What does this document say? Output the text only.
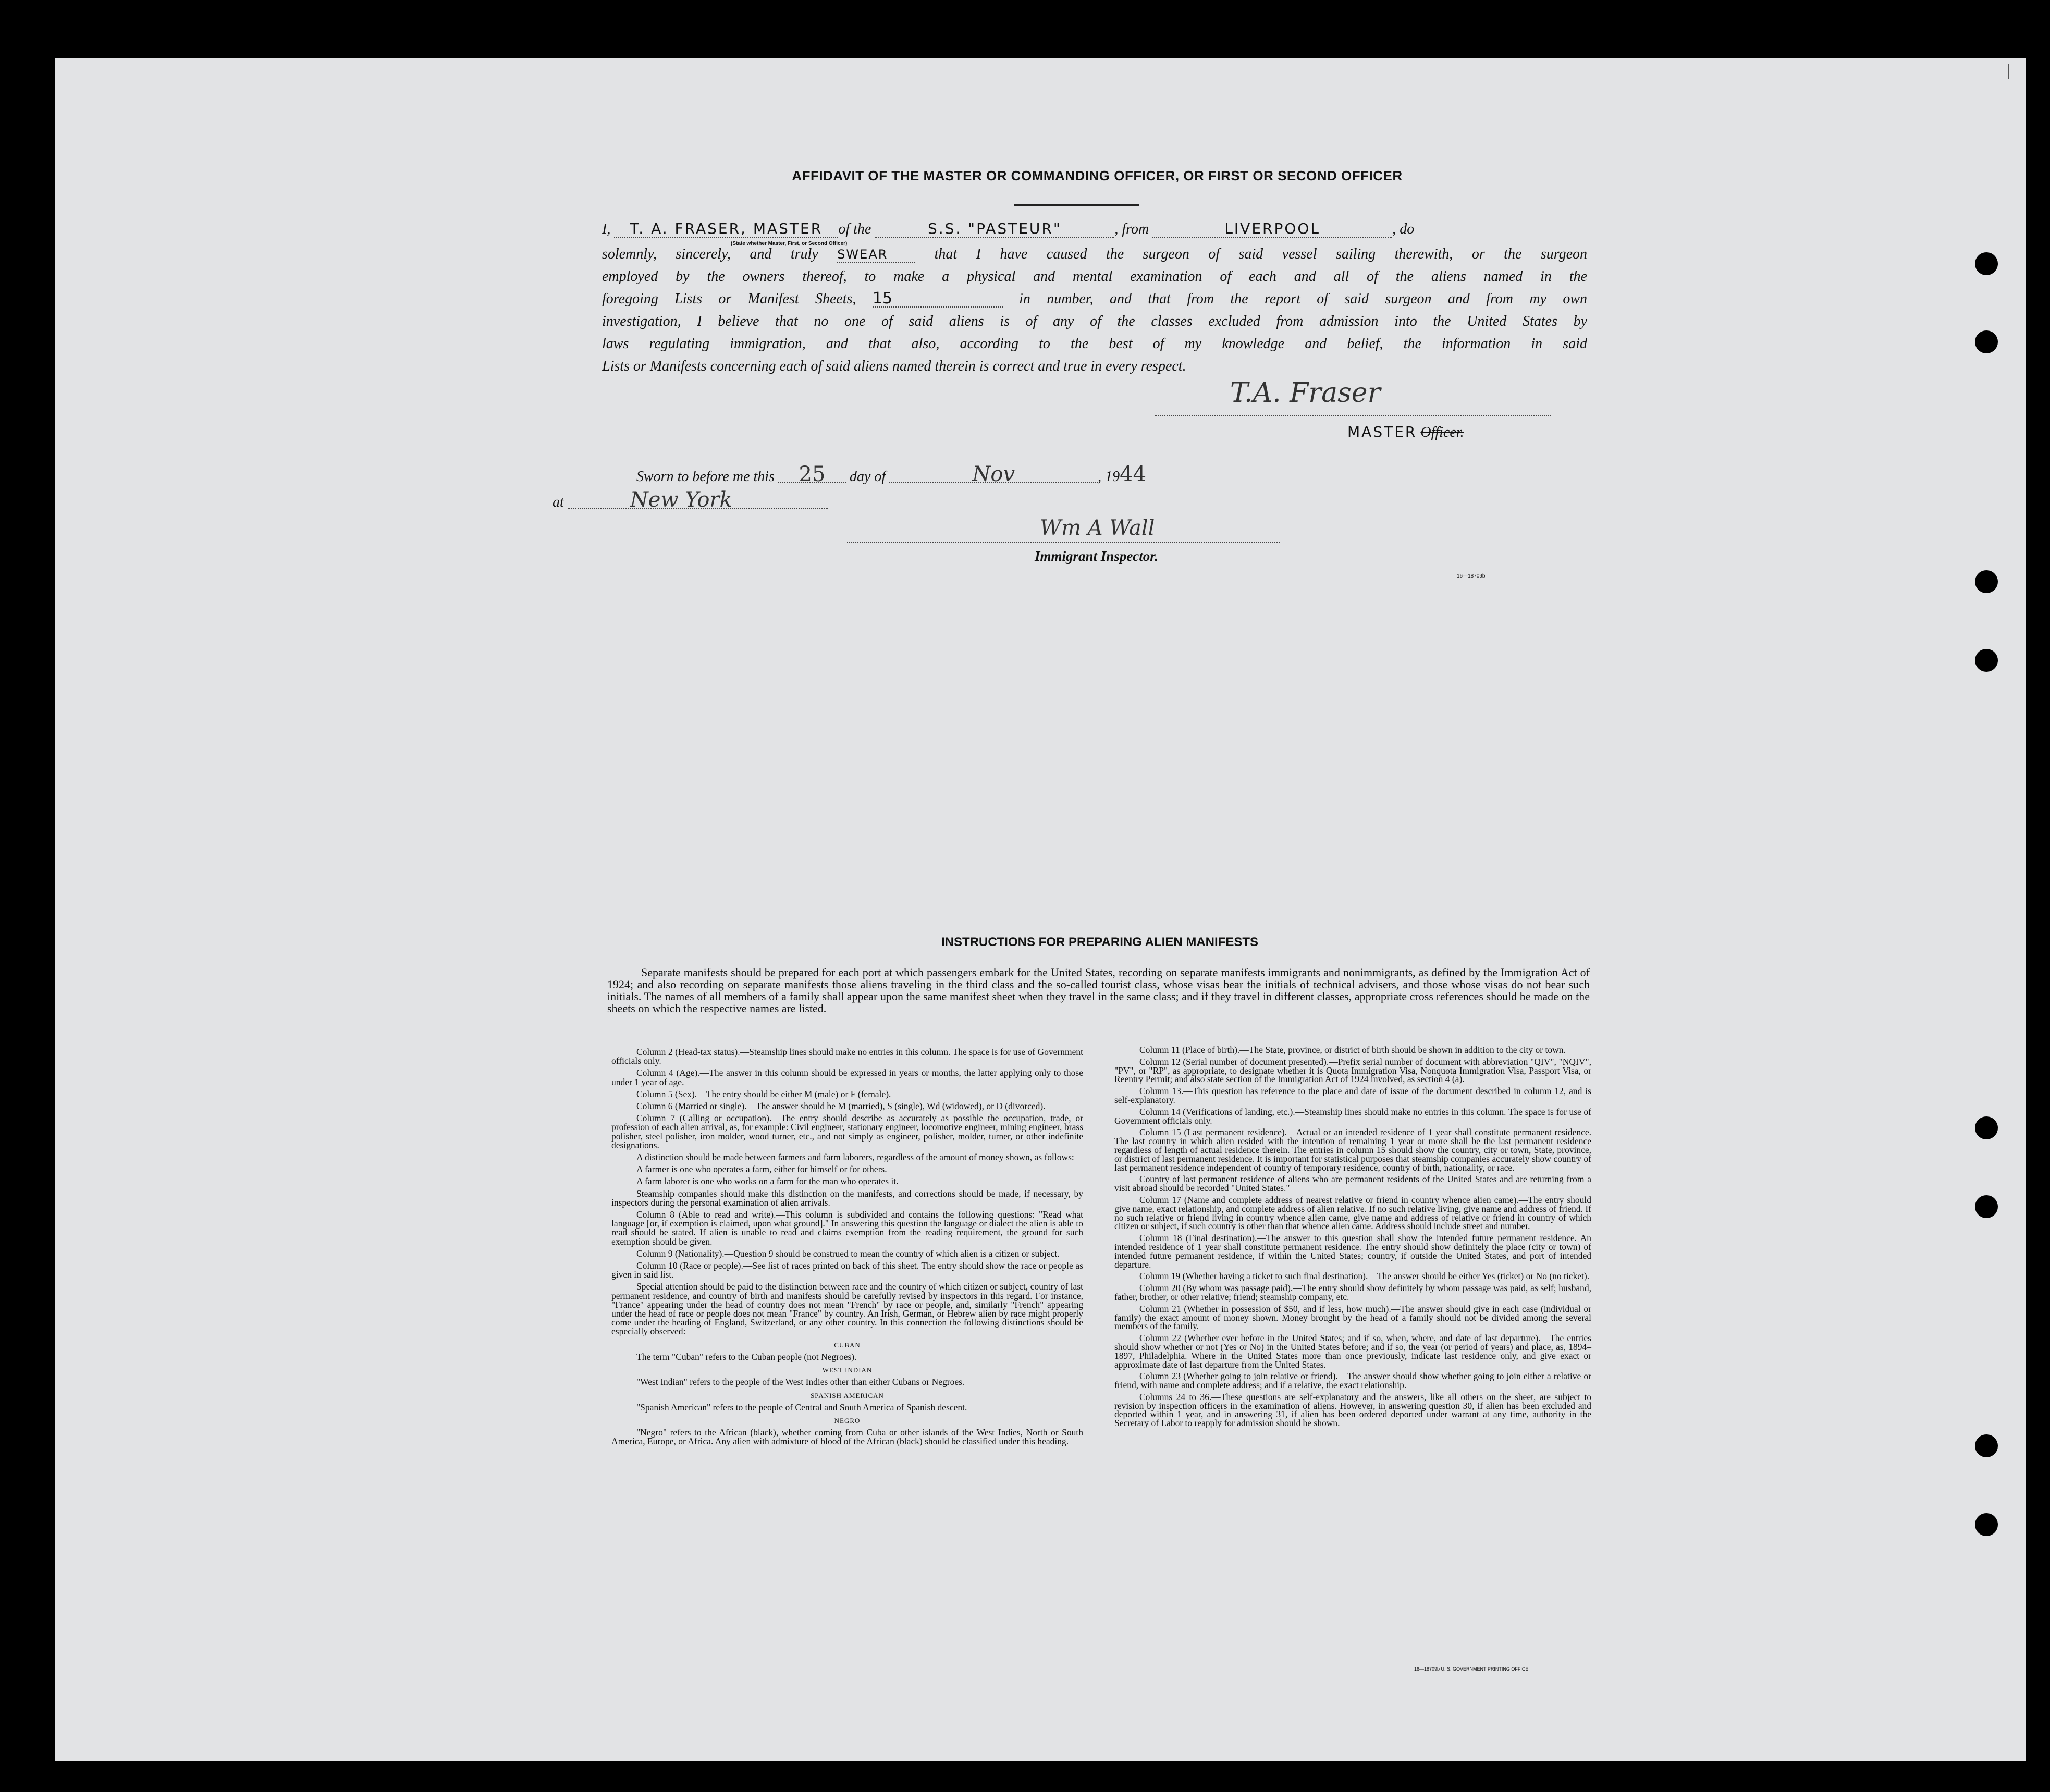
AFFIDAVIT OF THE MASTER OR COMMANDING OFFICER, OR FIRST OR SECOND OFFICER
I, T. A. FRASER, MASTER of the	S.S. "PASTEUR"	, from	LIVERPOOL	, do
(State whether Master, First, or Second Officer)
solemnly, sincerely, and truly SWEAR	that I have caused the surgeon of said vessel sailing therewith, or the surgeon
employed by the owners thereof, to make a physical and mental examination of each and all of the aliens named in the
foregoing Lists or Manifest Sheets, 15	in number, and that from the report of said surgeon and from my own
investigation, I believe that no one of said aliens is of any of the classes excluded from admission into the United States by
laws regulating immigration, and that also, according to the best of my knowledge and belief, the information in said
Lists or Manifests concerning each of said aliens named therein is correct and true in every respect.
T.A. Fraser
MASTER Officer.
Sworn to before me this 25 day of	Nov	, 1944
at	New York
Wm A Wall
Immigrant Inspector.
16—18709b
INSTRUCTIONS FOR PREPARING ALIEN MANIFESTS
Separate manifests should be prepared for each port at which passengers embark for the United States, recording on separate manifests immigrants and nonimmigrants, as defined by the Immigration Act of 1924; and also recording on separate manifests those aliens traveling in the third class and the so-called tourist class, whose visas bear the initials of technical advisers, and those whose visas do not bear such initials. The names of all members of a family shall appear upon the same manifest sheet when they travel in the same class; and if they travel in different classes, appropriate cross references should be made on the sheets on which the respective names are listed.

Column 2 (Head-tax status).—Steamship lines should make no entries in this column. The space is for use of Government officials only.

Column 4 (Age).—The answer in this column should be expressed in years or months, the latter applying only to those under 1 year of age.

Column 5 (Sex).—The entry should be either M (male) or F (female).

Column 6 (Married or single).—The answer should be M (married), S (single), Wd (widowed), or D (divorced).

Column 7 (Calling or occupation).—The entry should describe as accurately as possible the occupation, trade, or profession of each alien arrival, as, for example: Civil engineer, stationary engineer, locomotive engineer, mining engineer, brass polisher, steel polisher, iron molder, wood turner, etc., and not simply as engineer, polisher, molder, turner, or other indefinite designations.

A distinction should be made between farmers and farm laborers, regardless of the amount of money shown, as follows:

A farmer is one who operates a farm, either for himself or for others.

A farm laborer is one who works on a farm for the man who operates it.

Steamship companies should make this distinction on the manifests, and corrections should be made, if necessary, by inspectors during the personal examination of alien arrivals.

Column 8 (Able to read and write).—This column is subdivided and contains the following questions: "Read what language [or, if exemption is claimed, upon what ground]." In answering this question the language or dialect the alien is able to read should be stated. If alien is unable to read and claims exemption from the reading requirement, the ground for such exemption should be given.

Column 9 (Nationality).—Question 9 should be construed to mean the country of which alien is a citizen or subject.

Column 10 (Race or people).—See list of races printed on back of this sheet. The entry should show the race or people as given in said list.

Special attention should be paid to the distinction between race and the country of which citizen or subject, country of last permanent residence, and country of birth and manifests should be carefully revised by inspectors in this regard. For instance, "France" appearing under the head of country does not mean "French" by race or people, and, similarly "French" appearing under the head of race or people does not mean "France" by country. An Irish, German, or Hebrew alien by race might properly come under the heading of England, Switzerland, or any other country. In this connection the following distinctions should be especially observed:

CUBAN

The term "Cuban" refers to the Cuban people (not Negroes).

WEST INDIAN

"West Indian" refers to the people of the West Indies other than either Cubans or Negroes.

SPANISH AMERICAN

"Spanish American" refers to the people of Central and South America of Spanish descent.

NEGRO

"Negro" refers to the African (black), whether coming from Cuba or other islands of the West Indies, North or South America, Europe, or Africa. Any alien with admixture of blood of the African (black) should be classified under this heading.

Column 11 (Place of birth).—The State, province, or district of birth should be shown in addition to the city or town.

Column 12 (Serial number of document presented).—Prefix serial number of document with abbreviation "QIV", "NQIV", "PV", or "RP", as appropriate, to designate whether it is Quota Immigration Visa, Nonquota Immigration Visa, Passport Visa, or Reentry Permit; and also state section of the Immigration Act of 1924 involved, as section 4 (a).

Column 13.—This question has reference to the place and date of issue of the document described in column 12, and is self-explanatory.

Column 14 (Verifications of landing, etc.).—Steamship lines should make no entries in this column. The space is for use of Government officials only.

Column 15 (Last permanent residence).—Actual or an intended residence of 1 year shall constitute permanent residence. The last country in which alien resided with the intention of remaining 1 year or more shall be the last permanent residence regardless of length of actual residence therein. The entries in column 15 should show the country, city or town, State, province, or district of last permanent residence. It is important for statistical purposes that steamship companies accurately show country of last permanent residence independent of country of temporary residence, country of birth, nationality, or race.

Country of last permanent residence of aliens who are permanent residents of the United States and are returning from a visit abroad should be recorded "United States."

Column 17 (Name and complete address of nearest relative or friend in country whence alien came).—The entry should give name, exact relationship, and complete address of alien relative. If no such relative living, give name and address of friend. If no such relative or friend living in country whence alien came, give name and address of relative or friend in country of which citizen or subject, if such country is other than that whence alien came. Address should include street and number.

Column 18 (Final destination).—The answer to this question shall show the intended future permanent residence. An intended residence of 1 year shall constitute permanent residence. The entry should show definitely the place (city or town) of intended future permanent residence, if within the United States; country, if outside the United States, and port of intended departure.

Column 19 (Whether having a ticket to such final destination).—The answer should be either Yes (ticket) or No (no ticket).

Column 20 (By whom was passage paid).—The entry should show definitely by whom passage was paid, as self; husband, father, brother, or other relative; friend; steamship company, etc.

Column 21 (Whether in possession of $50, and if less, how much).—The answer should give in each case (individual or family) the exact amount of money shown. Money brought by the head of a family should not be divided among the several members of the family.

Column 22 (Whether ever before in the United States; and if so, when, where, and date of last departure).—The entries should show whether or not (Yes or No) in the United States before; and if so, the year (or period of years) and place, as, 1894–1897, Philadelphia. Where in the United States more than once previously, indicate last residence only, and give exact or approximate date of last departure from the United States.

Column 23 (Whether going to join relative or friend).—The answer should show whether going to join either a relative or friend, with name and complete address; and if a relative, the exact relationship.

Columns 24 to 36.—These questions are self-explanatory and the answers, like all others on the sheet, are subject to revision by inspection officers in the examination of aliens. However, in answering question 30, if alien has been excluded and deported within 1 year, and in answering 31, if alien has been ordered deported under warrant at any time, authority in the Secretary of Labor to reapply for admission should be shown.

16—18709b U. S. GOVERNMENT PRINTING OFFICE
